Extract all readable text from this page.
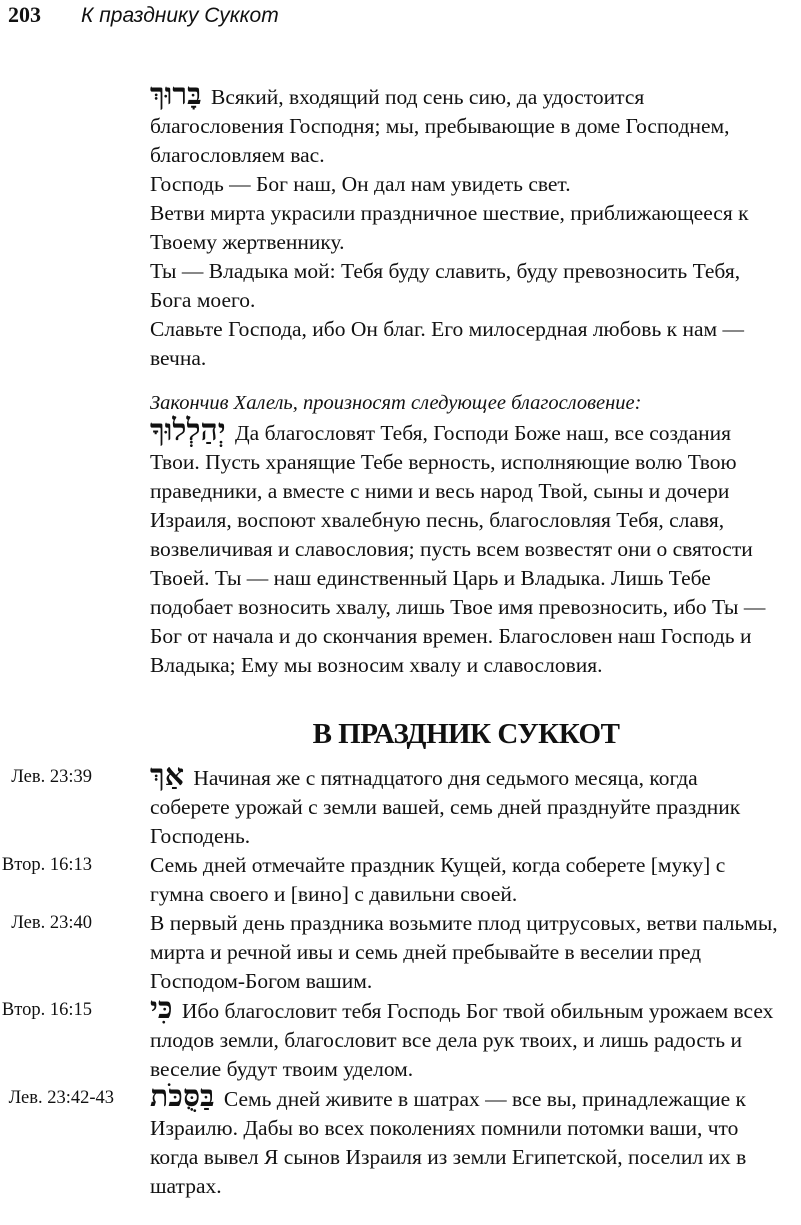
203 К празднику Суккот

בָּרוּךְ Всякий, входящий под сень сию, да удостоится благословения Господня; мы, пребывающие в доме Господнем, благословляем вас.

Господь — Бог наш, Он дал нам увидеть свет.

Ветви мирта украсили праздничное шествие, приближающееся к Твоему жертвеннику.

Ты — Владыка мой: Тебя буду славить, буду превозносить Тебя, Бога моего.

Славьте Господа, ибо Он благ. Его милосердная любовь к нам — вечна.

Закончив Халель, произносят следующее благословение:

יְהַלְלוּךָ Да благословят Тебя, Господи Боже наш, все создания Твои. Пусть хранящие Тебе верность, исполняющие волю Твою праведники, а вместе с ними и весь народ Твой, сыны и дочери Израиля, воспоют хвалебную песнь, благословляя Тебя, славя, возвеличивая и славословия; пусть всем возвестят они о святости Твоей. Ты — наш единственный Царь и Владыка. Лишь Тебе подобает возносить хвалу, лишь Твое имя превозносить, ибо Ты — Бог от начала и до скончания времен. Благословен наш Господь и Владыка; Ему мы возносим хвалу и славословия.

В ПРАЗДНИК СУККОТ
Лев. 23:39 אַךְ Начиная же с пятнадцатого дня седьмого месяца, когда соберете урожай с земли вашей, семь дней празднуйте праздник Господень.

Втор. 16:13	Семь дней отмечайте праздник Кущей, когда соберете [муку] с гумна своего и [вино] с давильни своей.

Лев. 23:40	В первый день праздника возьмите плод цитрусовых, ветви пальмы, мирта и речной ивы и семь дней пребывайте в веселии пред Господом-Богом вашим.

Втор. 16:15 כִּי Ибо благословит тебя Господь Бог твой обильным урожаем всех плодов земли, благословит все дела рук твоих, и лишь радость и веселие будут твоим уделом.

Лев. 23:42-43 בַּסֻּכֹּת Семь дней живите в шатрах — все вы, принадлежащие к Израилю. Дабы во всех поколениях помнили потомки ваши, что когда вывел Я сынов Израиля из земли Египетской, поселил их в шатрах.
